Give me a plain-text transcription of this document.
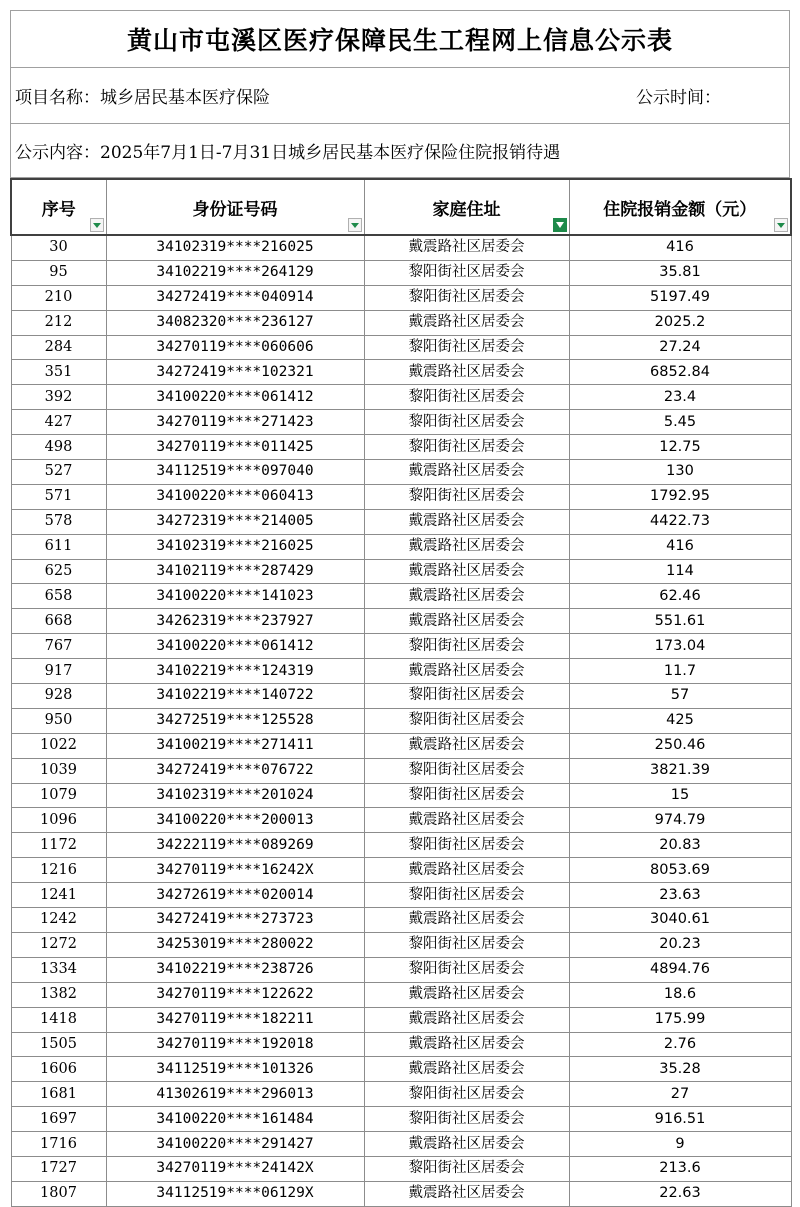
黄山市屯溪区医疗保障民生工程网上信息公示表
项目名称：城乡居民基本医疗保险	公示时间：
公示内容：2025年7月1日-7月31日城乡居民基本医疗保险住院报销待遇
序号	身份证号码	家庭住址	住院报销金额（元）

30	34102319****216025	戴震路社区居委会	416
95	34102219****264129	黎阳街社区居委会	35.81
210	34272419****040914	黎阳街社区居委会	5197.49
212	34082320****236127	戴震路社区居委会	2025.2
284	34270119****060606	黎阳街社区居委会	27.24
351	34272419****102321	戴震路社区居委会	6852.84
392	34100220****061412	黎阳街社区居委会	23.4
427	34270119****271423	黎阳街社区居委会	5.45
498	34270119****011425	黎阳街社区居委会	12.75
527	34112519****097040	戴震路社区居委会	130
571	34100220****060413	黎阳街社区居委会	1792.95
578	34272319****214005	戴震路社区居委会	4422.73
611	34102319****216025	戴震路社区居委会	416
625	34102119****287429	戴震路社区居委会	114
658	34100220****141023	戴震路社区居委会	62.46
668	34262319****237927	戴震路社区居委会	551.61
767	34100220****061412	黎阳街社区居委会	173.04
917	34102219****124319	戴震路社区居委会	11.7
928	34102219****140722	黎阳街社区居委会	57
950	34272519****125528	黎阳街社区居委会	425
1022	34100219****271411	戴震路社区居委会	250.46
1039	34272419****076722	黎阳街社区居委会	3821.39
1079	34102319****201024	黎阳街社区居委会	15
1096	34100220****200013	戴震路社区居委会	974.79
1172	34222119****089269	黎阳街社区居委会	20.83
1216	34270119****16242X	戴震路社区居委会	8053.69
1241	34272619****020014	黎阳街社区居委会	23.63
1242	34272419****273723	戴震路社区居委会	3040.61
1272	34253019****280022	黎阳街社区居委会	20.23
1334	34102219****238726	黎阳街社区居委会	4894.76
1382	34270119****122622	戴震路社区居委会	18.6
1418	34270119****182211	戴震路社区居委会	175.99
1505	34270119****192018	戴震路社区居委会	2.76
1606	34112519****101326	戴震路社区居委会	35.28
1681	41302619****296013	黎阳街社区居委会	27
1697	34100220****161484	黎阳街社区居委会	916.51
1716	34100220****291427	戴震路社区居委会	9
1727	34270119****24142X	黎阳街社区居委会	213.6
1807	34112519****06129X	戴震路社区居委会	22.63
